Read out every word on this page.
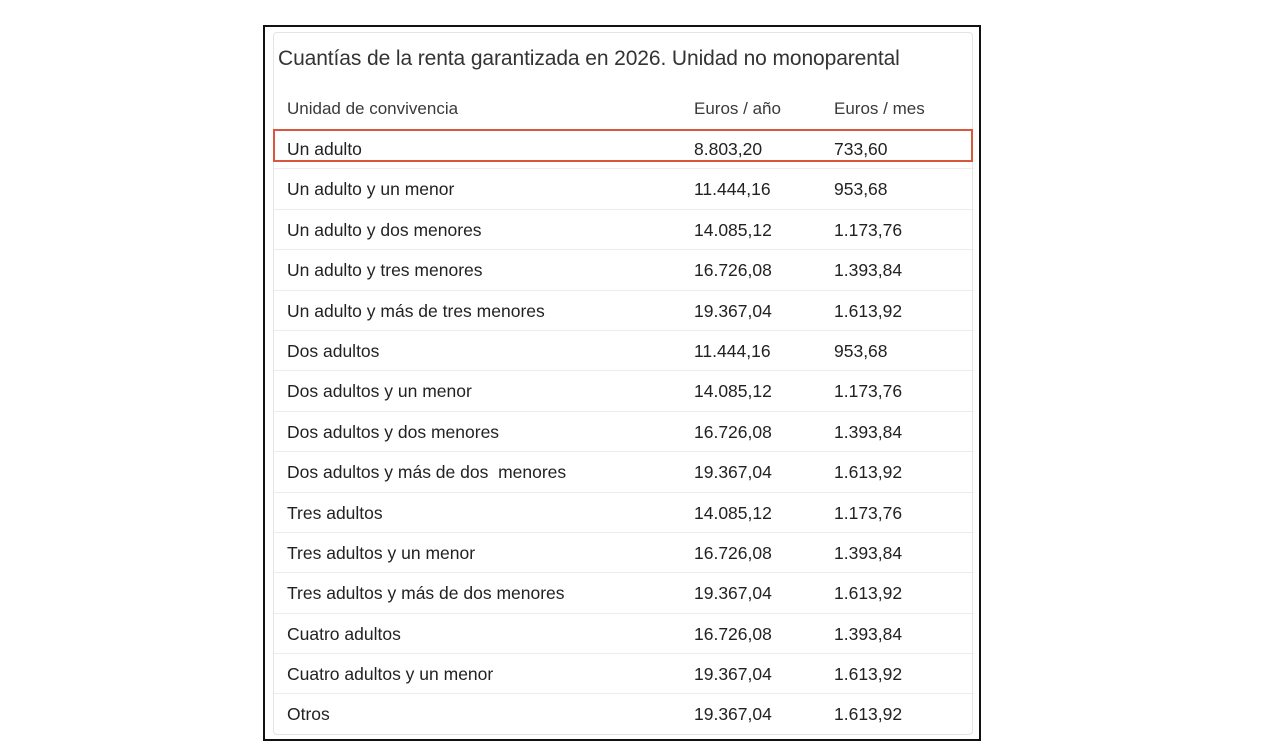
Cuantías de la renta garantizada en 2026. Unidad no monoparental
Unidad de convivencia	Euros / año	Euros / mes
Un adulto	8.803,20	733,60
Un adulto y un menor	11.444,16	953,68
Un adulto y dos menores	14.085,12	1.173,76
Un adulto y tres menores	16.726,08	1.393,84
Un adulto y más de tres menores	19.367,04	1.613,92
Dos adultos	11.444,16	953,68
Dos adultos y un menor	14.085,12	1.173,76
Dos adultos y dos menores	16.726,08	1.393,84
Dos adultos y más de dos  menores	19.367,04	1.613,92
Tres adultos	14.085,12	1.173,76
Tres adultos y un menor	16.726,08	1.393,84
Tres adultos y más de dos menores	19.367,04	1.613,92
Cuatro adultos	16.726,08	1.393,84
Cuatro adultos y un menor	19.367,04	1.613,92
Otros	19.367,04	1.613,92
